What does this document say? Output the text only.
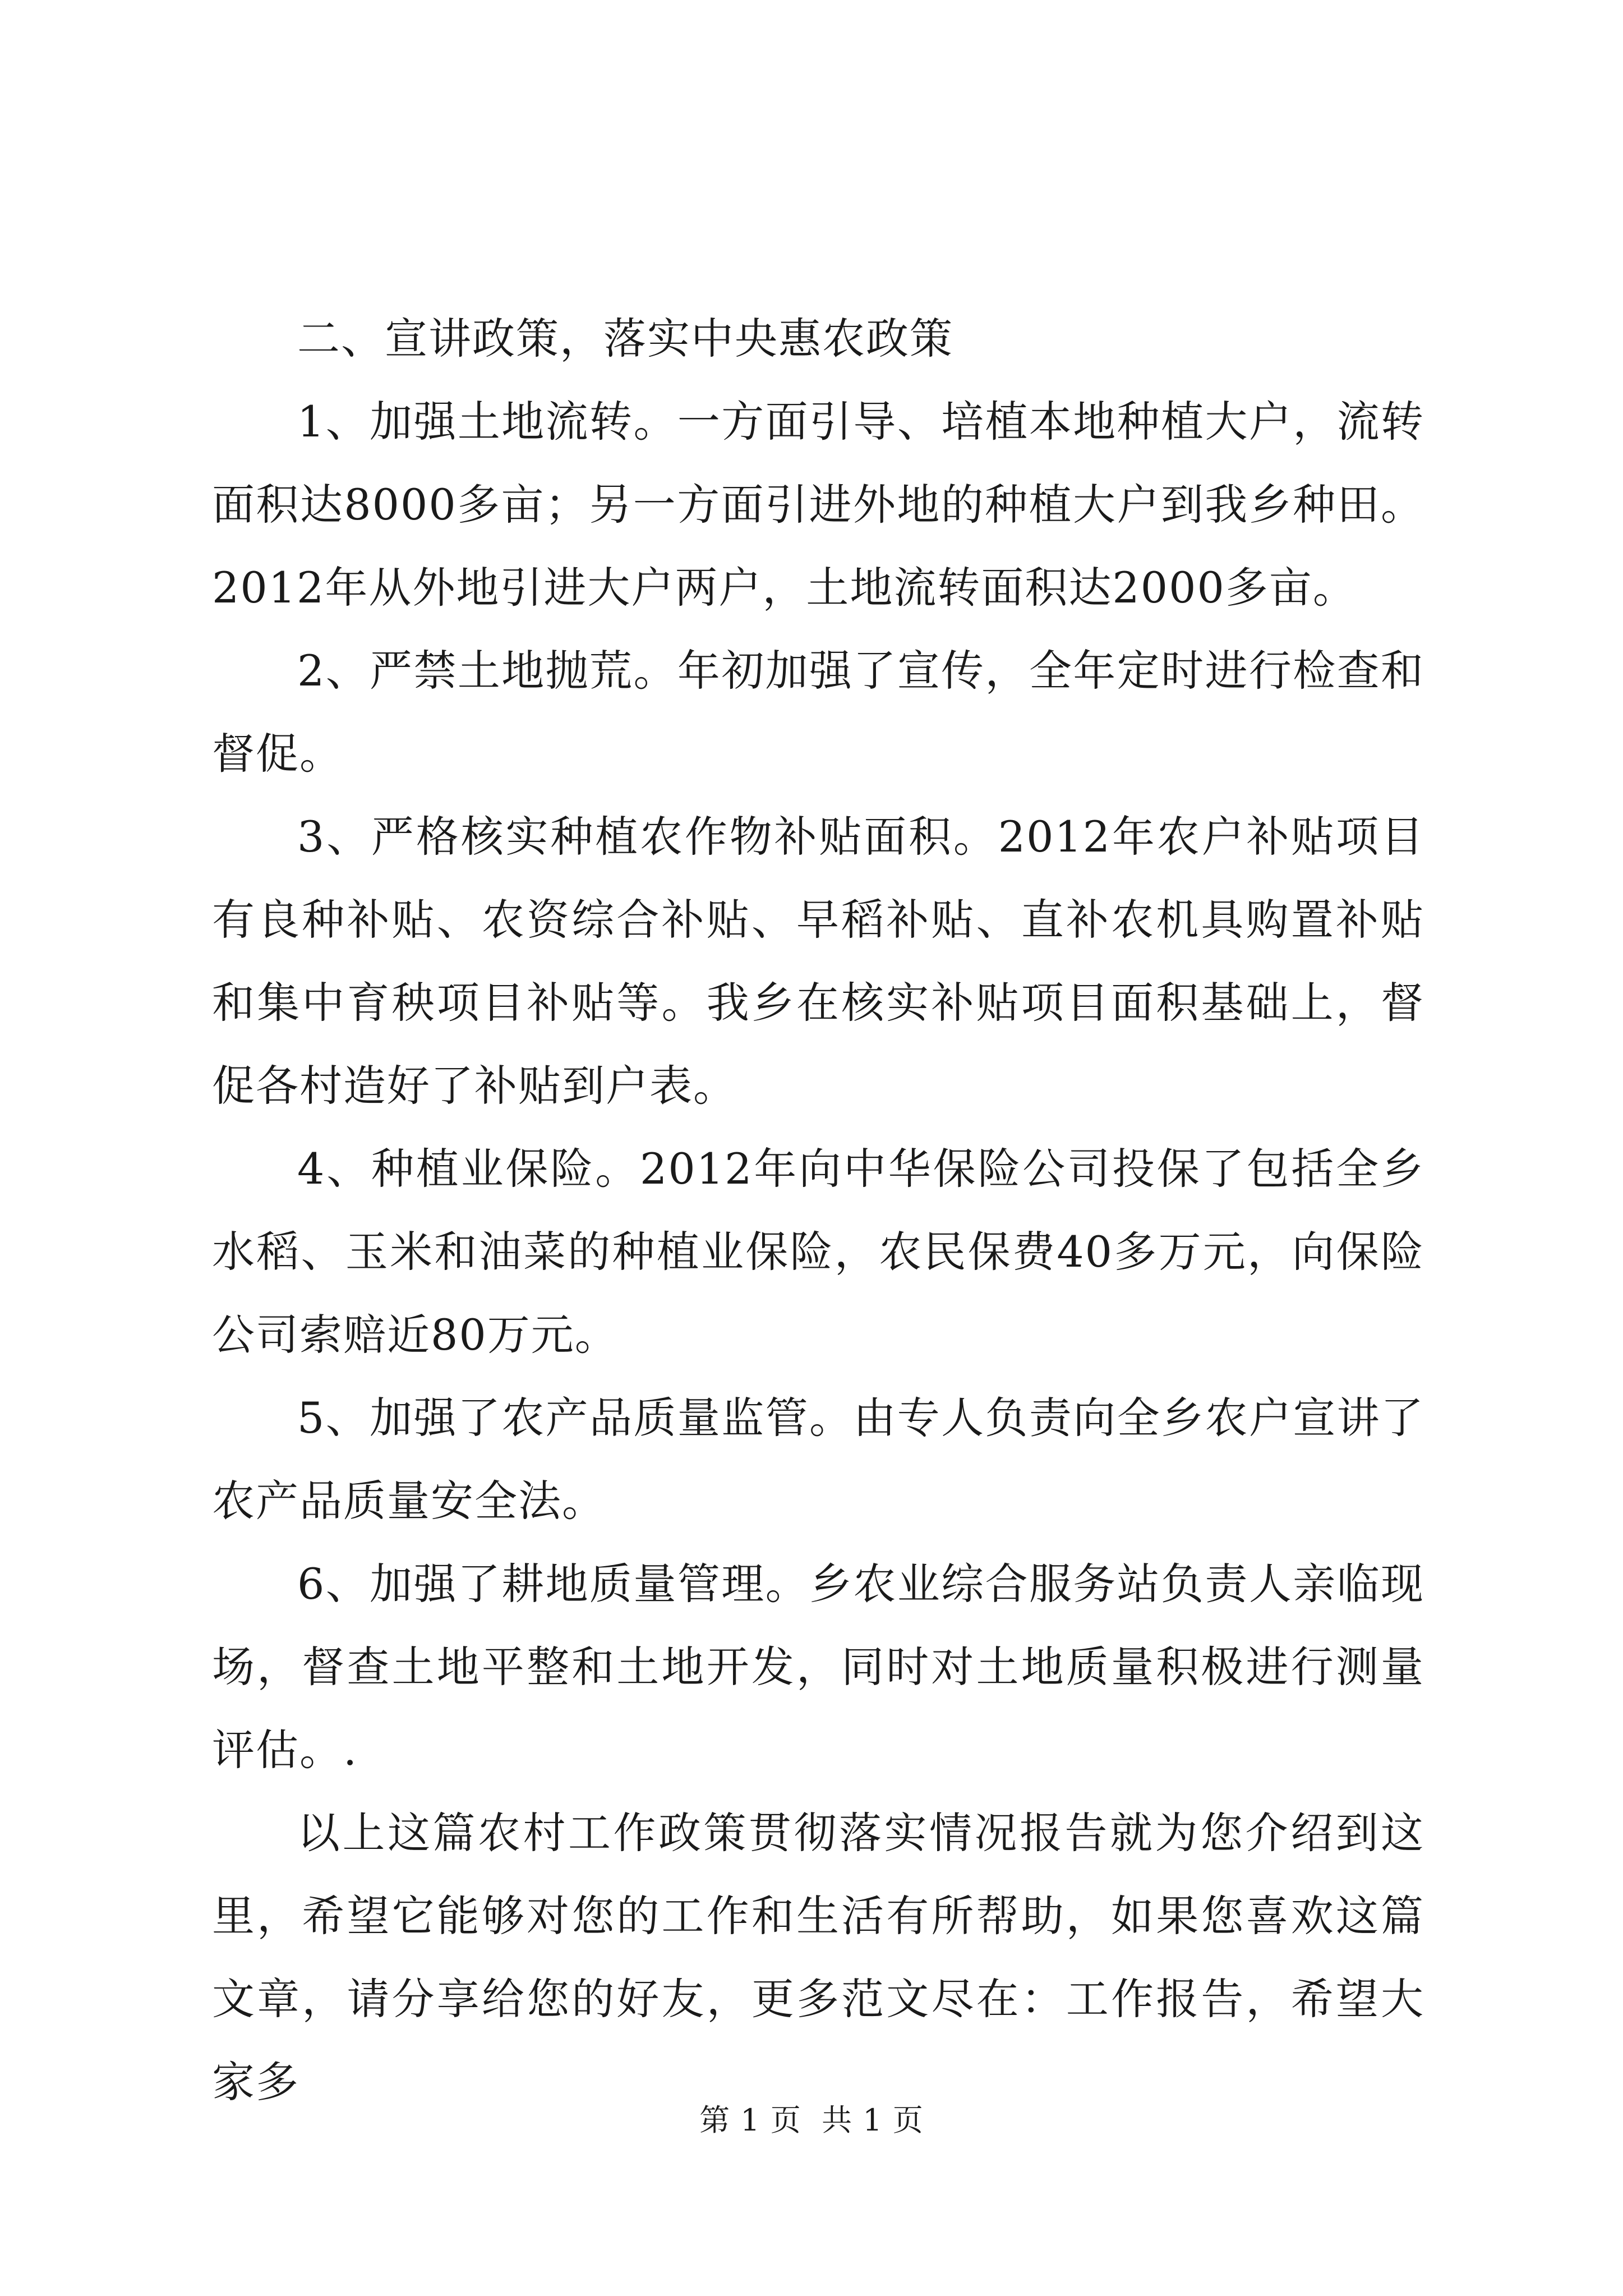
二、宣讲政策，落实中央惠农政策

1、加强土地流转。一方面引导、培植本地种植大户，流转面积达8000多亩；另一方面引进外地的种植大户到我乡种田。2012年从外地引进大户两户，土地流转面积达2000多亩。

2、严禁土地抛荒。年初加强了宣传，全年定时进行检查和督促。

3、严格核实种植农作物补贴面积。2012年农户补贴项目有良种补贴、农资综合补贴、早稻补贴、直补农机具购置补贴和集中育秧项目补贴等。我乡在核实补贴项目面积基础上，督促各村造好了补贴到户表。

4、种植业保险。2012年向中华保险公司投保了包括全乡水稻、玉米和油菜的种植业保险，农民保费40多万元，向保险公司索赔近80万元。

5、加强了农产品质量监管。由专人负责向全乡农户宣讲了农产品质量安全法。

6、加强了耕地质量管理。乡农业综合服务站负责人亲临现场，督查土地平整和土地开发，同时对土地质量积极进行测量评估。.

以上这篇农村工作政策贯彻落实情况报告就为您介绍到这里，希望它能够对您的工作和生活有所帮助，如果您喜欢这篇文章，请分享给您的好友，更多范文尽在：工作报告，希望大家多

第 1 页  共 1 页
